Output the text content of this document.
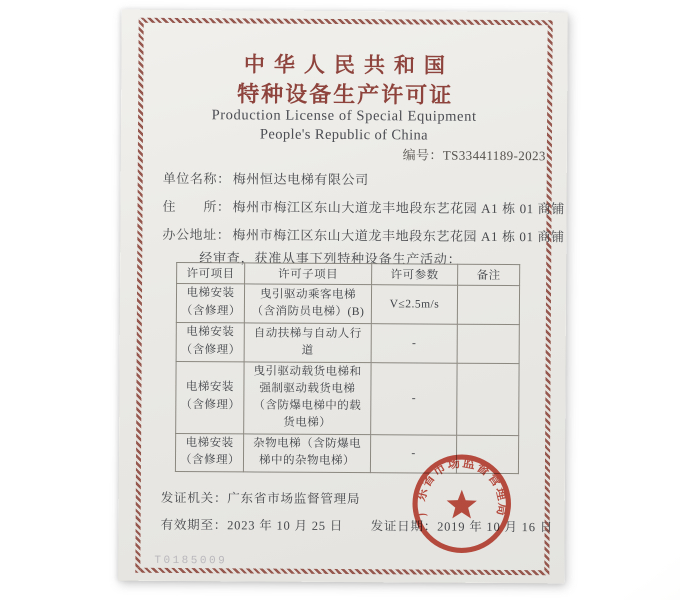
中华人民共和国
特种设备生产许可证
Production License of Special Equipment
People's Republic of China
编号：TS33441189-2023
单位名称： 梅州恒达电梯有限公司
住　　所： 梅州市梅江区东山大道龙丰地段东艺花园 A1 栋 01 商铺
办公地址： 梅州市梅江区东山大道龙丰地段东艺花园 A1 栋 01 商铺
经审查，获准从事下列特种设备生产活动：
许可项目	许可子项目	许可参数	备注
电梯安装
（含修理）	曳引驱动乘客电梯（含消防员电梯）(B)	V≤2.5m/s	
电梯安装
（含修理）	自动扶梯与自动人行道	-	
电梯安装
（含修理）	曳引驱动载货电梯和强制驱动载货电梯（含防爆电梯中的载货电梯）	-	
电梯安装
（含修理）	杂物电梯（含防爆电梯中的杂物电梯）	-	
发证机关：广东省市场监督管理局
有效期至：2023 年 10 月 25 日 发证日期：2019 年 10 月 16 日
广东省市场监督管理局
T0185009
